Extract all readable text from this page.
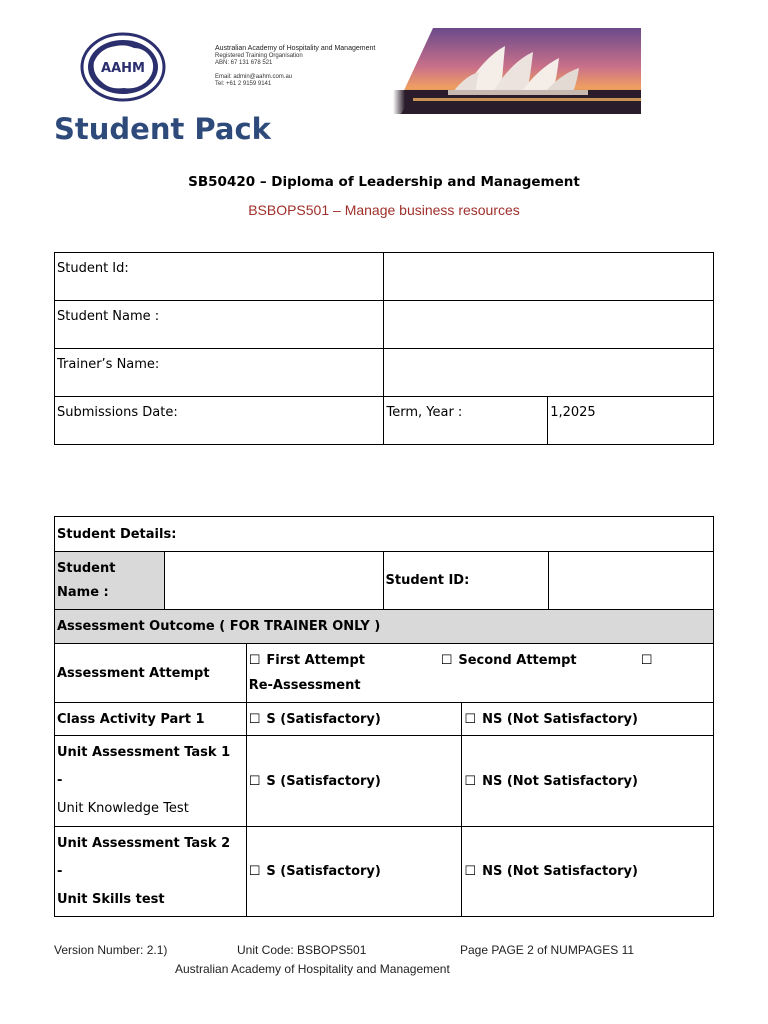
AAHM
Australian Academy of Hospitality and Management
Registered Training Organisation
ABN: 67 131 678 521
Email: admin@aahm.com.au
Tel: +61 2 9159 9141
Student Pack
SB50420 – Diploma of Leadership and Management
BSBOPS501 – Manage business resources
Student Id:		
Student Name :		
Trainer’s Name:		
Submissions Date:	Term, Year :	1,2025
Student Details:					
Student Name :			Student ID:		
Assessment Outcome ( FOR TRAINER ONLY )					
Assessment Attempt		☐ First Attempt ☐ Second Attempt ☐
Re-Assessment			
Class Activity Part 1		☐ S (Satisfactory)		☐ NS (Not Satisfactory)	
Unit Assessment Task 1
-
Unit Knowledge Test		☐ S (Satisfactory)		☐ NS (Not Satisfactory)	
Unit Assessment Task 2
-
Unit Skills test		☐ S (Satisfactory)		☐ NS (Not Satisfactory)	
Version Number: 2.1)	Unit Code: BSBOPS501	Page PAGE 2 of NUMPAGES 11
Australian Academy of Hospitality and Management
